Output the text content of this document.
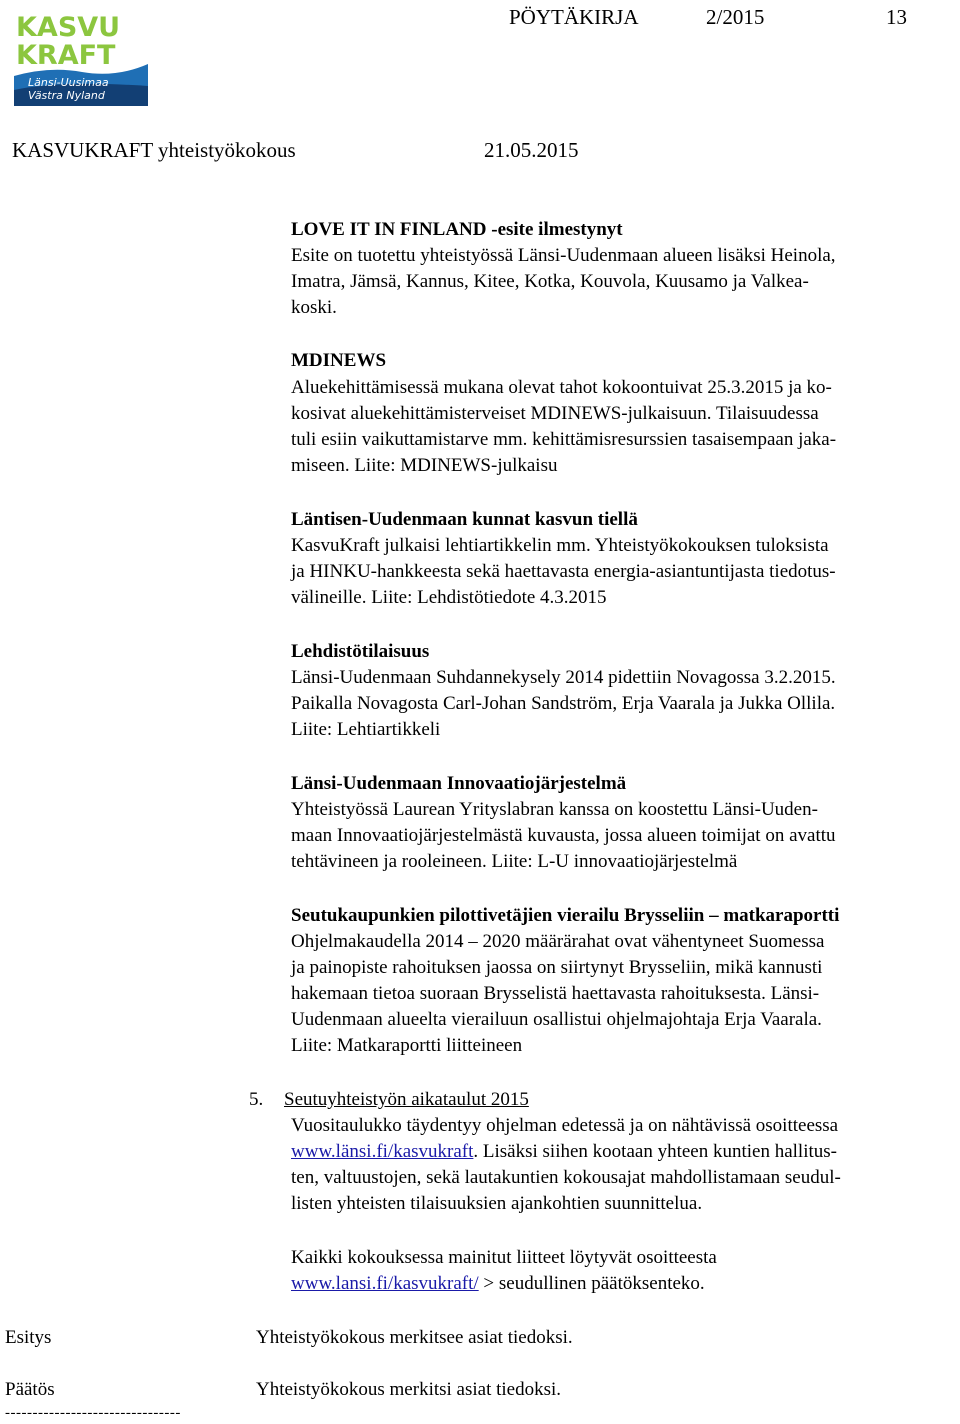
KASVU
KRAFT
Länsi-Uusimaa
Västra Nyland
PÖYTÄKIRJA	2/2015	13
KASVUKRAFT yhteistyökokous	21.05.2015
LOVE IT IN FINLAND -esite ilmestynyt
Esite on tuotettu yhteistyössä Länsi-Uudenmaan alueen lisäksi Heinola,
Imatra, Jämsä, Kannus, Kitee, Kotka, Kouvola, Kuusamo ja Valkea-
koski.
MDINEWS
Aluekehittämisessä mukana olevat tahot kokoontuivat 25.3.2015 ja ko-
kosivat aluekehittämisterveiset MDINEWS-julkaisuun. Tilaisuudessa
tuli esiin vaikuttamistarve mm. kehittämisresurssien tasaisempaan jaka-
miseen. Liite: MDINEWS-julkaisu
Läntisen-Uudenmaan kunnat kasvun tiellä
KasvuKraft julkaisi lehtiartikkelin mm. Yhteistyökokouksen tuloksista
ja HINKU-hankkeesta sekä haettavasta energia-asiantuntijasta tiedotus-
välineille. Liite: Lehdistötiedote 4.3.2015
Lehdistötilaisuus
Länsi-Uudenmaan Suhdannekysely 2014 pidettiin Novagossa 3.2.2015.
Paikalla Novagosta Carl-Johan Sandström, Erja Vaarala ja Jukka Ollila.
Liite: Lehtiartikkeli
Länsi-Uudenmaan Innovaatiojärjestelmä
Yhteistyössä Laurean Yrityslabran kanssa on koostettu Länsi-Uuden-
maan Innovaatiojärjestelmästä kuvausta, jossa alueen toimijat on avattu
tehtävineen ja rooleineen. Liite: L-U innovaatiojärjestelmä
Seutukaupunkien pilottivetäjien vierailu Brysseliin – matkaraportti
Ohjelmakaudella 2014 – 2020 määrärahat ovat vähentyneet Suomessa
ja painopiste rahoituksen jaossa on siirtynyt Brysseliin, mikä kannusti
hakemaan tietoa suoraan Brysselistä haettavasta rahoituksesta. Länsi-
Uudenmaan alueelta vierailuun osallistui ohjelmajohtaja Erja Vaarala.
Liite: Matkaraportti liitteineen
5. Seutuyhteistyön aikataulut 2015
Vuositaulukko täydentyy ohjelman edetessä ja on nähtävissä osoitteessa
www.länsi.fi/kasvukraft. Lisäksi siihen kootaan yhteen kuntien hallitus-
ten, valtuustojen, sekä lautakuntien kokousajat mahdollistamaan seudul-
listen yhteisten tilaisuuksien ajankohtien suunnittelua.
Kaikki kokouksessa mainitut liitteet löytyvät osoitteesta
www.lansi.fi/kasvukraft/ > seudullinen päätöksenteko.
Esitys	Yhteistyökokous merkitsee asiat tiedoksi.
Päätös	Yhteistyökokous merkitsi asiat tiedoksi.
--------------------------------
